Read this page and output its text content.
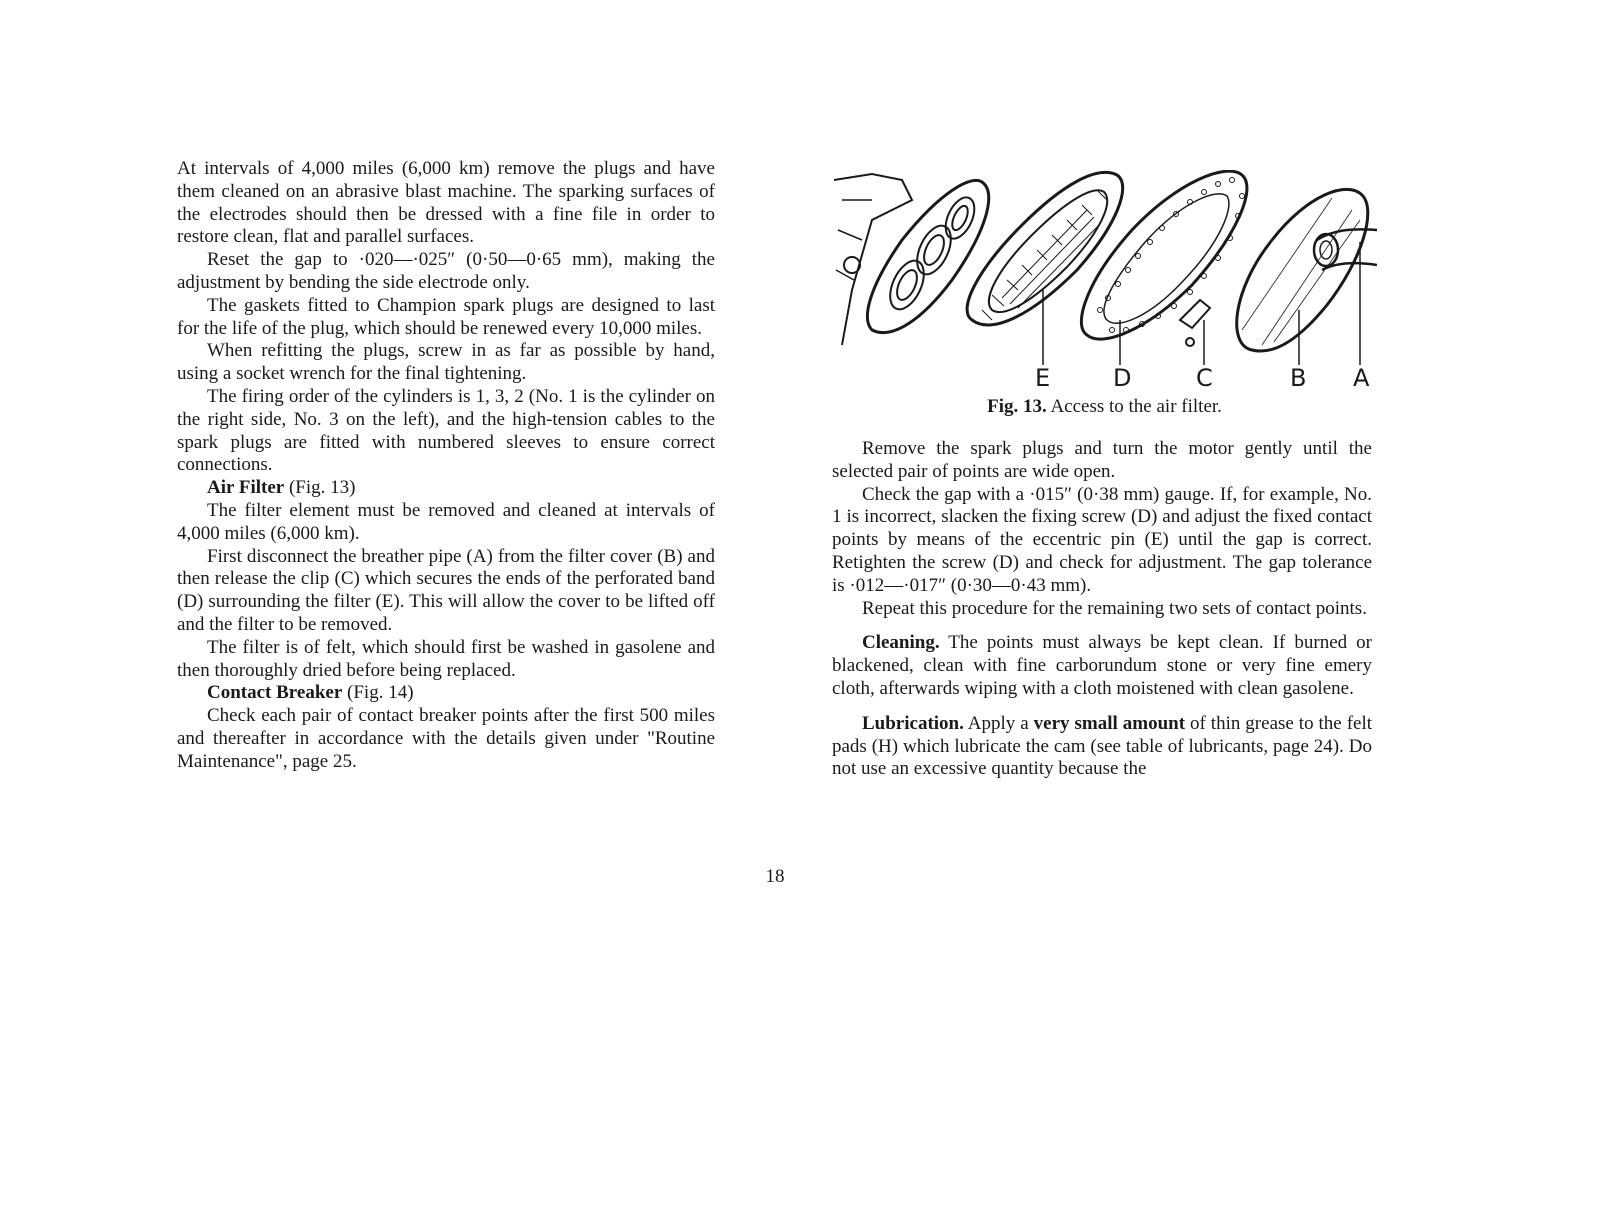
At intervals of 4,000 miles (6,000 km) remove the plugs and have them cleaned on an abrasive blast machine. The sparking surfaces of the electrodes should then be dressed with a fine file in order to restore clean, flat and parallel surfaces.

Reset the gap to ·020—·025″ (0·50—0·65 mm), making the adjustment by bending the side electrode only.

The gaskets fitted to Champion spark plugs are designed to last for the life of the plug, which should be renewed every 10,000 miles.

When refitting the plugs, screw in as far as possible by hand, using a socket wrench for the final tightening.

The firing order of the cylinders is 1, 3, 2 (No. 1 is the cylinder on the right side, No. 3 on the left), and the high-tension cables to the spark plugs are fitted with numbered sleeves to ensure correct connections.

Air Filter (Fig. 13)

The filter element must be removed and cleaned at intervals of 4,000 miles (6,000 km).

First disconnect the breather pipe (A) from the filter cover (B) and then release the clip (C) which secures the ends of the perforated band (D) surrounding the filter (E). This will allow the cover to be lifted off and the filter to be removed.

The filter is of felt, which should first be washed in gasolene and then thoroughly dried before being replaced.

Contact Breaker (Fig. 14)

Check each pair of contact breaker points after the first 500 miles and thereafter in accordance with the details given under "Routine Maintenance", page 25.

E	D	C	B A
Fig. 13. Access to the air filter.

Remove the spark plugs and turn the motor gently until the selected pair of points are wide open.

Check the gap with a ·015″ (0·38 mm) gauge. If, for example, No. 1 is incorrect, slacken the fixing screw (D) and adjust the fixed contact points by means of the eccentric pin (E) until the gap is correct. Retighten the screw (D) and check for adjustment. The gap tolerance is ·012—·017″ (0·30—0·43 mm).

Repeat this procedure for the remaining two sets of contact points.

Cleaning. The points must always be kept clean. If burned or blackened, clean with fine carborundum stone or very fine emery cloth, afterwards wiping with a cloth moistened with clean gasolene.

Lubrication. Apply a very small amount of thin grease to the felt pads (H) which lubricate the cam (see table of lubricants, page 24). Do not use an excessive quantity because the

18
